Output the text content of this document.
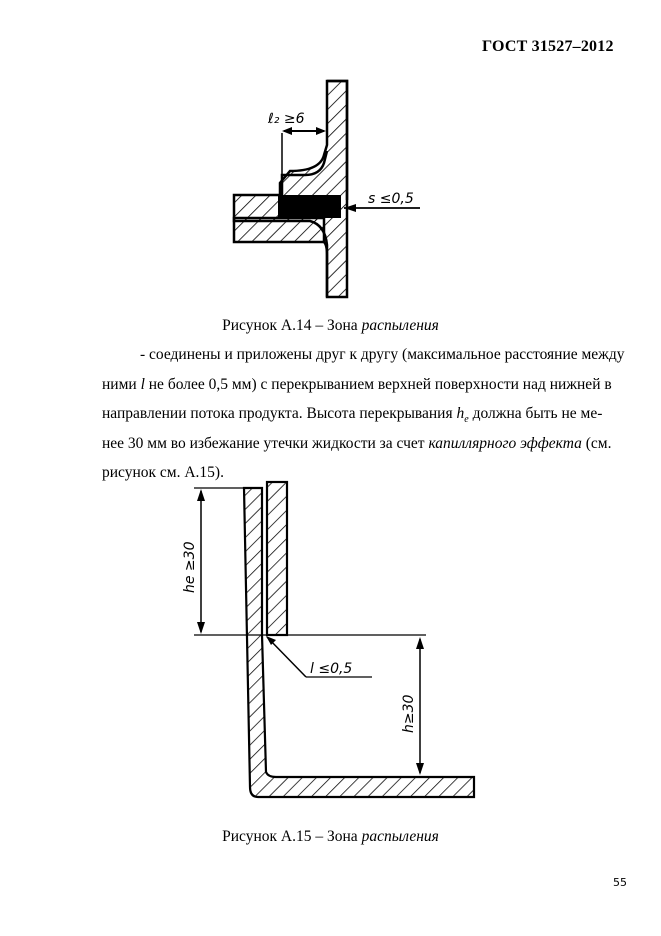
ГОСТ 31527–2012
ℓ₂ ≥6
s ≤0,5
Рисунок А.14 – Зона распыления
- соединены и приложены друг к другу (максимальное расстояние между
ними l не более 0,5 мм) с перекрыванием верхней поверхности над нижней в
направлении потока продукта. Высота перекрывания $h_e$ должна быть не ме-
нее 30 мм во избежание утечки жидкости за счет капиллярного эффекта (см.
рисунок см. А.15).
he ≥30
l ≤0,5
h≥30
Рисунок А.15 – Зона распыления
55
